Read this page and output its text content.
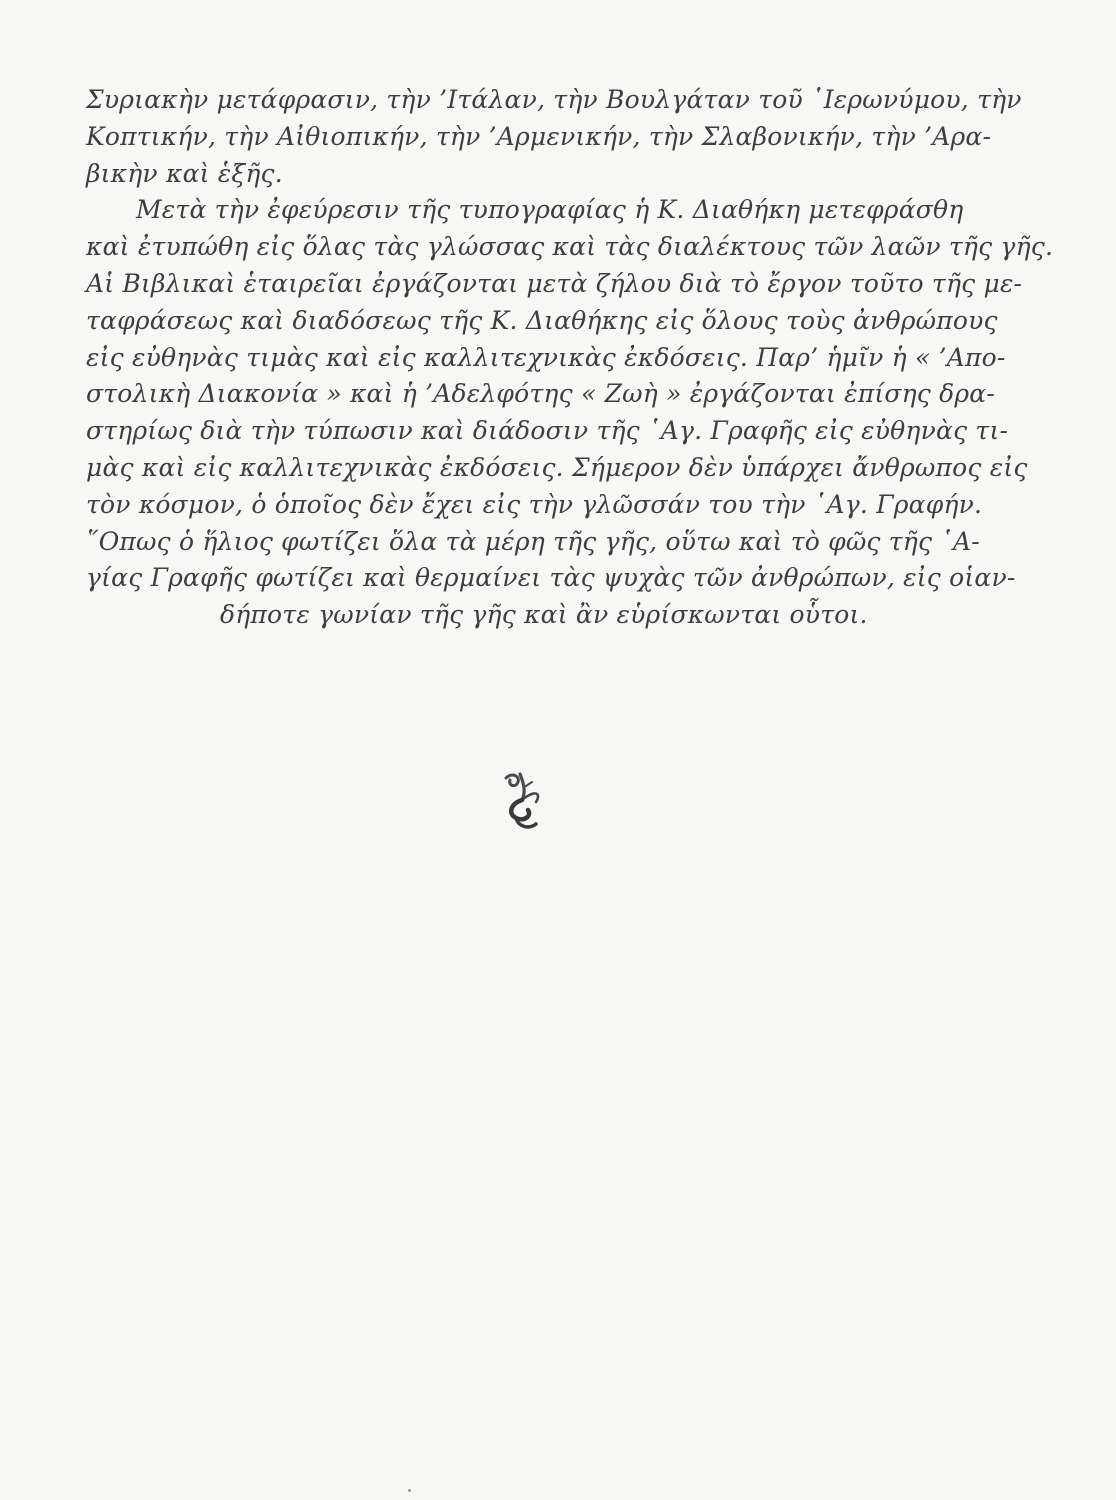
Συριακὴν μετάφρασιν, τὴν ’Ιτάλαν, τὴν Βουλγάταν τοῦ ῾Ιερωνύμου, τὴν
Κοπτικήν, τὴν Αἰθιοπικήν, τὴν ’Αρμενικήν, τὴν Σλαβονικήν, τὴν ’Αρα-
βικὴν καὶ ἑξῆς.
Μετὰ τὴν ἐφεύρεσιν τῆς τυπογραφίας ἡ Κ. Διαθήκη μετεφράσθη
καὶ ἐτυπώθη εἰς ὅλας τὰς γλώσσας καὶ τὰς διαλέκτους τῶν λαῶν τῆς γῆς.
Αἱ Βιβλικαὶ ἑταιρεῖαι ἐργάζονται μετὰ ζήλου διὰ τὸ ἔργον τοῦτο τῆς με-
ταφράσεως καὶ διαδόσεως τῆς Κ. Διαθήκης εἰς ὅλους τοὺς ἀνθρώπους
εἰς εὐθηνὰς τιμὰς καὶ εἰς καλλιτεχνικὰς ἐκδόσεις. Παρ’ ἡμῖν ἡ « ’Απο-
στολικὴ Διακονία » καὶ ἡ ’Αδελφότης « Ζωὴ » ἐργάζονται ἐπίσης δρα-
στηρίως διὰ τὴν τύπωσιν καὶ διάδοσιν τῆς ῾Αγ. Γραφῆς εἰς εὐθηνὰς τι-
μὰς καὶ εἰς καλλιτεχνικὰς ἐκδόσεις. Σήμερον δὲν ὑπάρχει ἄνθρωπος εἰς
τὸν κόσμον, ὁ ὁποῖος δὲν ἔχει εἰς τὴν γλῶσσάν του τὴν ῾Αγ. Γραφήν.
῞Οπως ὁ ἥλιος φωτίζει ὅλα τὰ μέρη τῆς γῆς, οὕτω καὶ τὸ φῶς τῆς ῾Α-
γίας Γραφῆς φωτίζει καὶ θερμαίνει τὰς ψυχὰς τῶν ἀνθρώπων, εἰς οἱαν-
δήποτε γωνίαν τῆς γῆς καὶ ἂν εὑρίσκωνται οὗτοι.
